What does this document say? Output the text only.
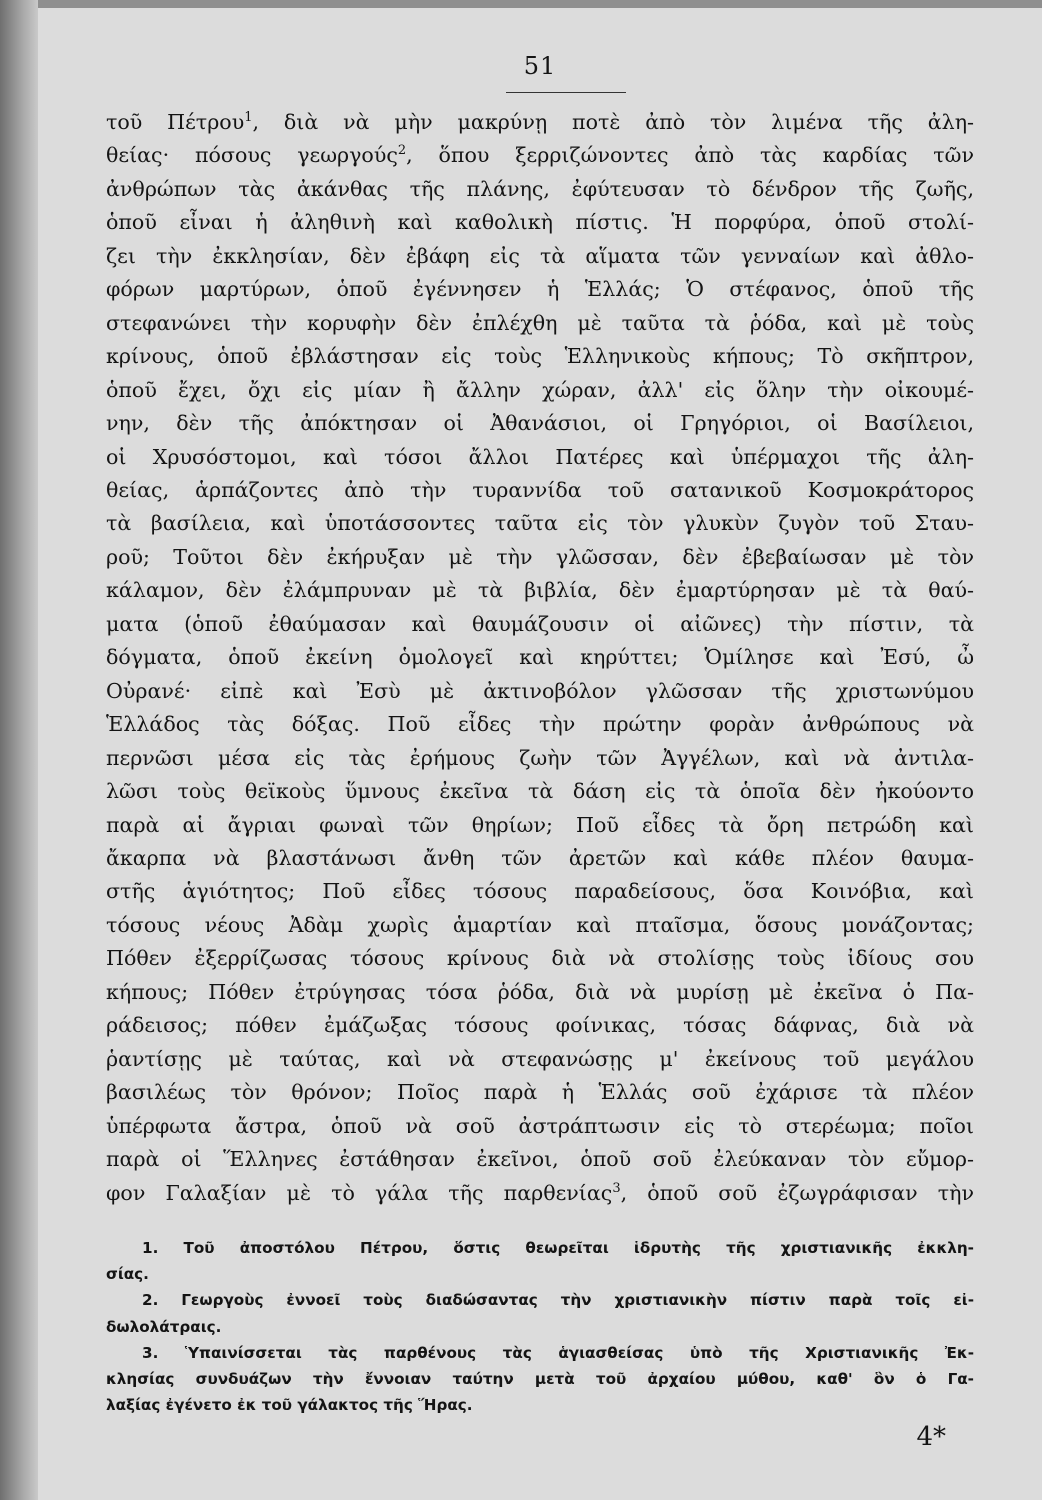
51
τοῦ Πέτρου$^1$, διὰ νὰ μὴν μακρύνῃ ποτὲ ἀπὸ τὸν λιμένα τῆς ἀλη-
θείας· πόσους γεωργούς$^2$, ὅπου ξερριζώνοντες ἀπὸ τὰς καρδίας τῶν
ἀνθρώπων τὰς ἀκάνθας τῆς πλάνης, ἐφύτευσαν τὸ δένδρον τῆς ζωῆς,
ὁποῦ εἶναι ἡ ἀληθινὴ καὶ καθολικὴ πίστις. Ἡ πορφύρα, ὁποῦ στολί-
ζει τὴν ἐκκλησίαν, δὲν ἐβάφη εἰς τὰ αἵματα τῶν γενναίων καὶ ἀθλο-
φόρων μαρτύρων, ὁποῦ ἐγέννησεν ἡ Ἑλλάς; Ὁ στέφανος, ὁποῦ τῆς
στεφανώνει τὴν κορυφὴν δὲν ἐπλέχθη μὲ ταῦτα τὰ ῥόδα, καὶ μὲ τοὺς
κρίνους, ὁποῦ ἐβλάστησαν εἰς τοὺς Ἑλληνικοὺς κήπους; Τὸ σκῆπτρον,
ὁποῦ ἔχει, ὄχι εἰς μίαν ἢ ἄλλην χώραν, ἀλλ' εἰς ὅλην τὴν οἰκουμέ-
νην, δὲν τῆς ἀπόκτησαν οἱ Ἀθανάσιοι, οἱ Γρηγόριοι, οἱ Βασίλειοι,
οἱ Χρυσόστομοι, καὶ τόσοι ἄλλοι Πατέρες καὶ ὑπέρμαχοι τῆς ἀλη-
θείας, ἁρπάζοντες ἀπὸ τὴν τυραννίδα τοῦ σατανικοῦ Κοσμοκράτορος
τὰ βασίλεια, καὶ ὑποτάσσοντες ταῦτα εἰς τὸν γλυκὺν ζυγὸν τοῦ Σταυ-
ροῦ; Τοῦτοι δὲν ἐκήρυξαν μὲ τὴν γλῶσσαν, δὲν ἐβεβαίωσαν μὲ τὸν
κάλαμον, δὲν ἐλάμπρυναν μὲ τὰ βιβλία, δὲν ἐμαρτύρησαν μὲ τὰ θαύ-
ματα (ὁποῦ ἐθαύμασαν καὶ θαυμάζουσιν οἱ αἰῶνες) τὴν πίστιν, τὰ
δόγματα, ὁποῦ ἐκείνη ὁμολογεῖ καὶ κηρύττει; Ὁμίλησε καὶ Ἐσύ, ὦ
Οὐρανέ· εἰπὲ καὶ Ἐσὺ μὲ ἀκτινοβόλον γλῶσσαν τῆς χριστωνύμου
Ἑλλάδος τὰς δόξας. Ποῦ εἶδες τὴν πρώτην φορὰν ἀνθρώπους νὰ
περνῶσι μέσα εἰς τὰς ἐρήμους ζωὴν τῶν Ἀγγέλων, καὶ νὰ ἀντιλα-
λῶσι τοὺς θεϊκοὺς ὕμνους ἐκεῖνα τὰ δάση εἰς τὰ ὁποῖα δὲν ἠκούοντο
παρὰ αἱ ἄγριαι φωναὶ τῶν θηρίων; Ποῦ εἶδες τὰ ὄρη πετρώδη καὶ
ἄκαρπα νὰ βλαστάνωσι ἄνθη τῶν ἀρετῶν καὶ κάθε πλέον θαυμα-
στῆς ἁγιότητος; Ποῦ εἶδες τόσους παραδείσους, ὅσα Κοινόβια, καὶ
τόσους νέους Ἀδὰμ χωρὶς ἁμαρτίαν καὶ πταῖσμα, ὅσους μονάζοντας;
Πόθεν ἐξερρίζωσας τόσους κρίνους διὰ νὰ στολίσῃς τοὺς ἰδίους σου
κήπους; Πόθεν ἐτρύγησας τόσα ῥόδα, διὰ νὰ μυρίσῃ μὲ ἐκεῖνα ὁ Πα-
ράδεισος; πόθεν ἐμάζωξας τόσους φοίνικας, τόσας δάφνας, διὰ νὰ
ῥαντίσῃς μὲ ταύτας, καὶ νὰ στεφανώσῃς μ' ἐκείνους τοῦ μεγάλου
βασιλέως τὸν θρόνον; Ποῖος παρὰ ἡ Ἑλλάς σοῦ ἐχάρισε τὰ πλέον
ὑπέρφωτα ἄστρα, ὁποῦ νὰ σοῦ ἀστράπτωσιν εἰς τὸ στερέωμα; ποῖοι
παρὰ οἱ Ἕλληνες ἐστάθησαν ἐκεῖνοι, ὁποῦ σοῦ ἐλεύκαναν τὸν εὔμορ-
φον Γαλαξίαν μὲ τὸ γάλα τῆς παρθενίας$^3$, ὁποῦ σοῦ ἐζωγράφισαν τὴν
1. Τοῦ ἀποστόλου Πέτρου, ὅστις θεωρεῖται ἱδρυτὴς τῆς χριστιανικῆς ἐκκλη-
σίας.
2. Γεωργοὺς ἐννοεῖ τοὺς διαδώσαντας τὴν χριστιανικὴν πίστιν παρὰ τοῖς εἰ-
δωλολάτραις.
3. Ὑπαινίσσεται τὰς παρθένους τὰς ἁγιασθείσας ὑπὸ τῆς Χριστιανικῆς Ἐκ-
κλησίας συνδυάζων τὴν ἔννοιαν ταύτην μετὰ τοῦ ἀρχαίου μύθου, καθ' ὃν ὁ Γα-
λαξίας ἐγένετο ἐκ τοῦ γάλακτος τῆς Ἥρας.
4*
